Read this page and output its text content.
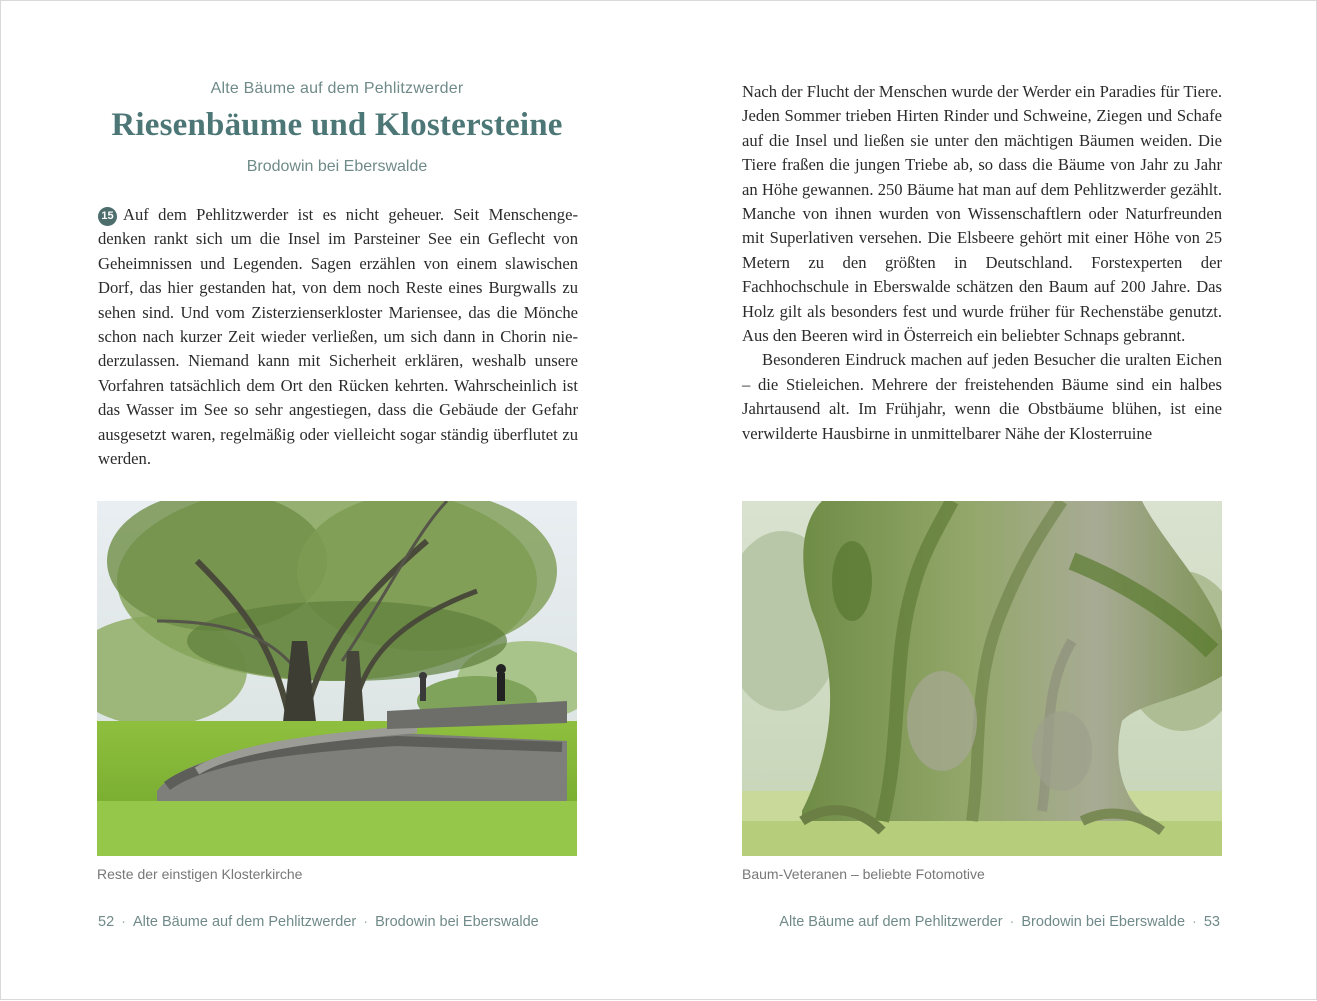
Alte Bäume auf dem Pehlitzwerder
Riesenbäume und Klostersteine
Brodowin bei Eberswalde

15 Auf dem Pehlitzwerder ist es nicht geheuer. Seit Menschengedenken rankt sich um die Insel im Parsteiner See ein Geflecht von Geheimnissen und Legenden. Sagen erzählen von einem slawischen Dorf, das hier gestanden hat, von dem noch Reste eines Burgwalls zu sehen sind. Und vom Zisterzienserkloster Mariensee, das die Mönche schon nach kurzer Zeit wieder verließen, um sich dann in Chorin niederzulassen. Niemand kann mit Sicherheit erklären, weshalb unsere Vorfahren tatsächlich dem Ort den Rücken kehrten. Wahrscheinlich ist das Wasser im See so sehr angestiegen, dass die Gebäude der Gefahr ausgesetzt waren, regelmäßig oder vielleicht sogar ständig überflutet zu werden.

Reste der einstigen Klosterkirche
52 · Alte Bäume auf dem Pehlitzwerder · Brodowin bei Eberswalde

Nach der Flucht der Menschen wurde der Werder ein Paradies für Tiere. Jeden Sommer trieben Hirten Rinder und Schweine, Ziegen und Schafe auf die Insel und ließen sie unter den mächtigen Bäumen weiden. Die Tiere fraßen die jungen Triebe ab, so dass die Bäume von Jahr zu Jahr an Höhe gewannen. 250 Bäume hat man auf dem Pehlitzwerder gezählt. Manche von ihnen wurden von Wissenschaftlern oder Naturfreunden mit Superlativen versehen. Die Elsbeere gehört mit einer Höhe von 25 Metern zu den größten in Deutschland. Forstexperten der Fachhochschule in Eberswalde schätzen den Baum auf 200 Jahre. Das Holz gilt als besonders fest und wurde früher für Rechenstäbe genutzt. Aus den Beeren wird in Österreich ein beliebter Schnaps gebrannt.

Besonderen Eindruck machen auf jeden Besucher die uralten Eichen – die Stieleichen. Mehrere der freistehenden Bäume sind ein halbes Jahrtausend alt. Im Frühjahr, wenn die Obstbäume blühen, ist eine verwilderte Hausbirne in unmittelbarer Nähe der Klosterruine

Baum-Veteranen – beliebte Fotomotive
Alte Bäume auf dem Pehlitzwerder · Brodowin bei Eberswalde · 53
